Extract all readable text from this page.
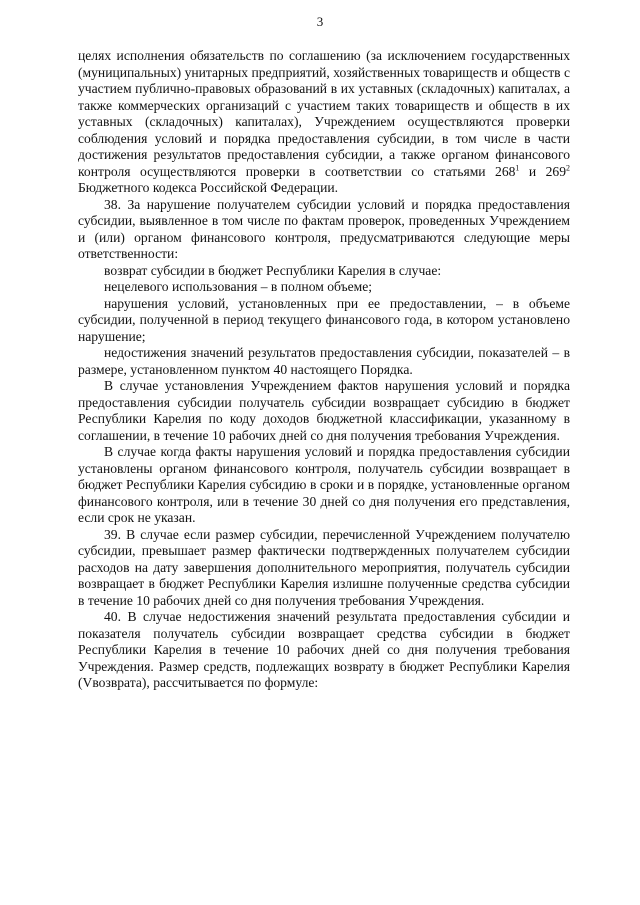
3

целях исполнения обязательств по соглашению (за исключением государственных (муниципальных) унитарных предприятий, хозяйственных товариществ и обществ с участием публично-правовых образований в их уставных (складочных) капиталах, а также коммерческих организаций с участием таких товариществ и обществ в их уставных (складочных) капиталах), Учреждением осуществляются проверки соблюдения условий и порядка предоставления субсидии, в том числе в части достижения результатов предоставления субсидии, а также органом финансового контроля осуществляются проверки в соответствии со статьями $268^1$ и $269^2$ Бюджетного кодекса Российской Федерации.

38. За нарушение получателем субсидии условий и порядка предоставления субсидии, выявленное в том числе по фактам проверок, проведенных Учреждением и (или) органом финансового контроля, предусматриваются следующие меры ответственности:

возврат субсидии в бюджет Республики Карелия в случае:

нецелевого использования – в полном объеме;

нарушения условий, установленных при ее предоставлении, – в объеме субсидии, полученной в период текущего финансового года, в котором установлено нарушение;

недостижения значений результатов предоставления субсидии, показателей – в размере, установленном пунктом 40 настоящего Порядка.

В случае установления Учреждением фактов нарушения условий и порядка предоставления субсидии получатель субсидии возвращает субсидию в бюджет Республики Карелия по коду доходов бюджетной классификации, указанному в соглашении, в течение 10 рабочих дней со дня получения требования Учреждения.

В случае когда факты нарушения условий и порядка предоставления субсидии установлены органом финансового контроля, получатель субсидии возвращает в бюджет Республики Карелия субсидию в сроки и в порядке, установленные органом финансового контроля, или в течение 30 дней со дня получения его представления, если срок не указан.

39. В случае если размер субсидии, перечисленной Учреждением получателю субсидии, превышает размер фактически подтвержденных получателем субсидии расходов на дату завершения дополнительного мероприятия, получатель субсидии возвращает в бюджет Республики Карелия излишне полученные средства субсидии в течение 10 рабочих дней со дня получения требования Учреждения.

40. В случае недостижения значений результата предоставления субсидии и показателя получатель субсидии возвращает средства субсидии в бюджет Республики Карелия в течение 10 рабочих дней со дня получения требования Учреждения. Размер средств, подлежащих возврату в бюджет Республики Карелия (Vвозврата), рассчитывается по формуле:
